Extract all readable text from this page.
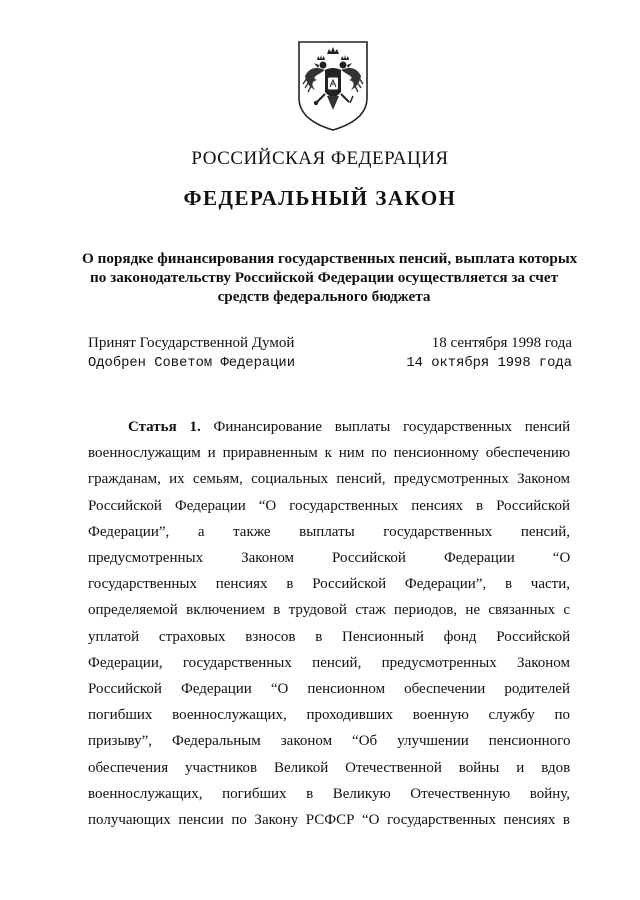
РОССИЙСКАЯ ФЕДЕРАЦИЯ
ФЕДЕРАЛЬНЫЙ ЗАКОН
О порядке финансирования государственных пенсий, выплата которых
по законодательству Российской Федерации осуществляется за счет
средств федерального бюджета
Принят Государственной Думой	18 сентября 1998 года
Одобрен Советом Федерации	14 октября 1998 года
Статья 1. Финансирование выплаты государственных пенсий
военнослужащим и приравненным к ним по пенсионному обеспечению
гражданам, их семьям, социальных пенсий, предусмотренных Законом
Российской Федерации “О государственных пенсиях в Российской
Федерации”, а также выплаты государственных пенсий,
предусмотренных Законом Российской Федерации “О
государственных пенсиях в Российской Федерации”, в части,
определяемой включением в трудовой стаж периодов, не связанных с
уплатой страховых взносов в Пенсионный фонд Российской
Федерации, государственных пенсий, предусмотренных Законом
Российской Федерации “О пенсионном обеспечении родителей
погибших военнослужащих, проходивших военную службу по
призыву”, Федеральным законом “Об улучшении пенсионного
обеспечения участников Великой Отечественной войны и вдов
военнослужащих, погибших в Великую Отечественную войну,
получающих пенсии по Закону РСФСР “О государственных пенсиях в
